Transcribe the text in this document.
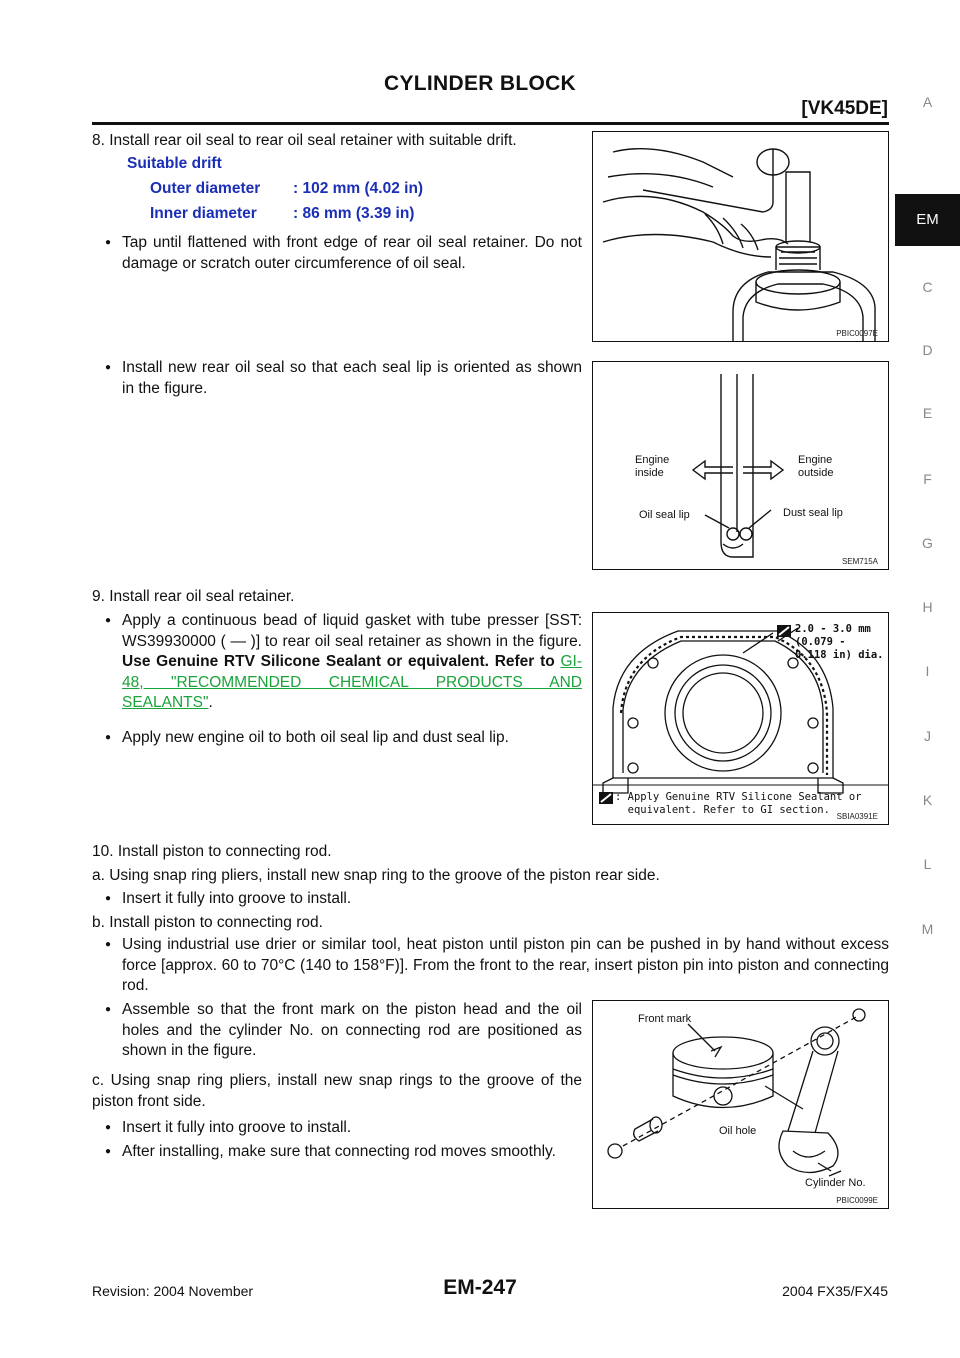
CYLINDER BLOCK
[VK45DE]	A
EM
C
D
E
F
G
H
I
J
K
L
M
8. Install rear oil seal to rear oil seal retainer with suitable drift.
Suitable drift
Outer diameter : 102 mm (4.02 in)
Inner diameter : 86 mm (3.39 in)
● Tap until flattened with front edge of rear oil seal retainer. Do not damage or scratch outer circumference of oil seal.
● Install new rear oil seal so that each seal lip is oriented as shown in the figure.
PBIC0097E
Engine
inside
Engine
outside
Oil seal lip	Dust seal lip
SEM715A
9. Install rear oil seal retainer.
● Apply a continuous bead of liquid gasket with tube presser [SST: WS39930000 ( — )] to rear oil seal retainer as shown in the figure. Use Genuine RTV Silicone Sealant or equivalent. Refer to GI-48, "RECOMMENDED CHEMICAL PRODUCTS AND SEALANTS".
● Apply new engine oil to both oil seal lip and dust seal lip.
2.0 - 3.0 mm
(0.079 -
0.118 in) dia.
: Apply Genuine RTV Silicone Sealant or
equivalent. Refer to GI section.
SBIA0391E
10. Install piston to connecting rod.
a. Using snap ring pliers, install new snap ring to the groove of the piston rear side.
● Insert it fully into groove to install.
b. Install piston to connecting rod.
● Using industrial use drier or similar tool, heat piston until piston pin can be pushed in by hand without excess force [approx. 60 to 70°C (140 to 158°F)]. From the front to the rear, insert piston pin into piston and connecting rod.
● Assemble so that the front mark on the piston head and the oil holes and the cylinder No. on connecting rod are positioned as shown in the figure.
c. Using snap ring pliers, install new snap rings to the groove of the piston front side.
● Insert it fully into groove to install.
● After installing, make sure that connecting rod moves smoothly.
Front mark
Oil hole
Cylinder No.
PBIC0099E
Revision: 2004 November	EM-247	2004 FX35/FX45
